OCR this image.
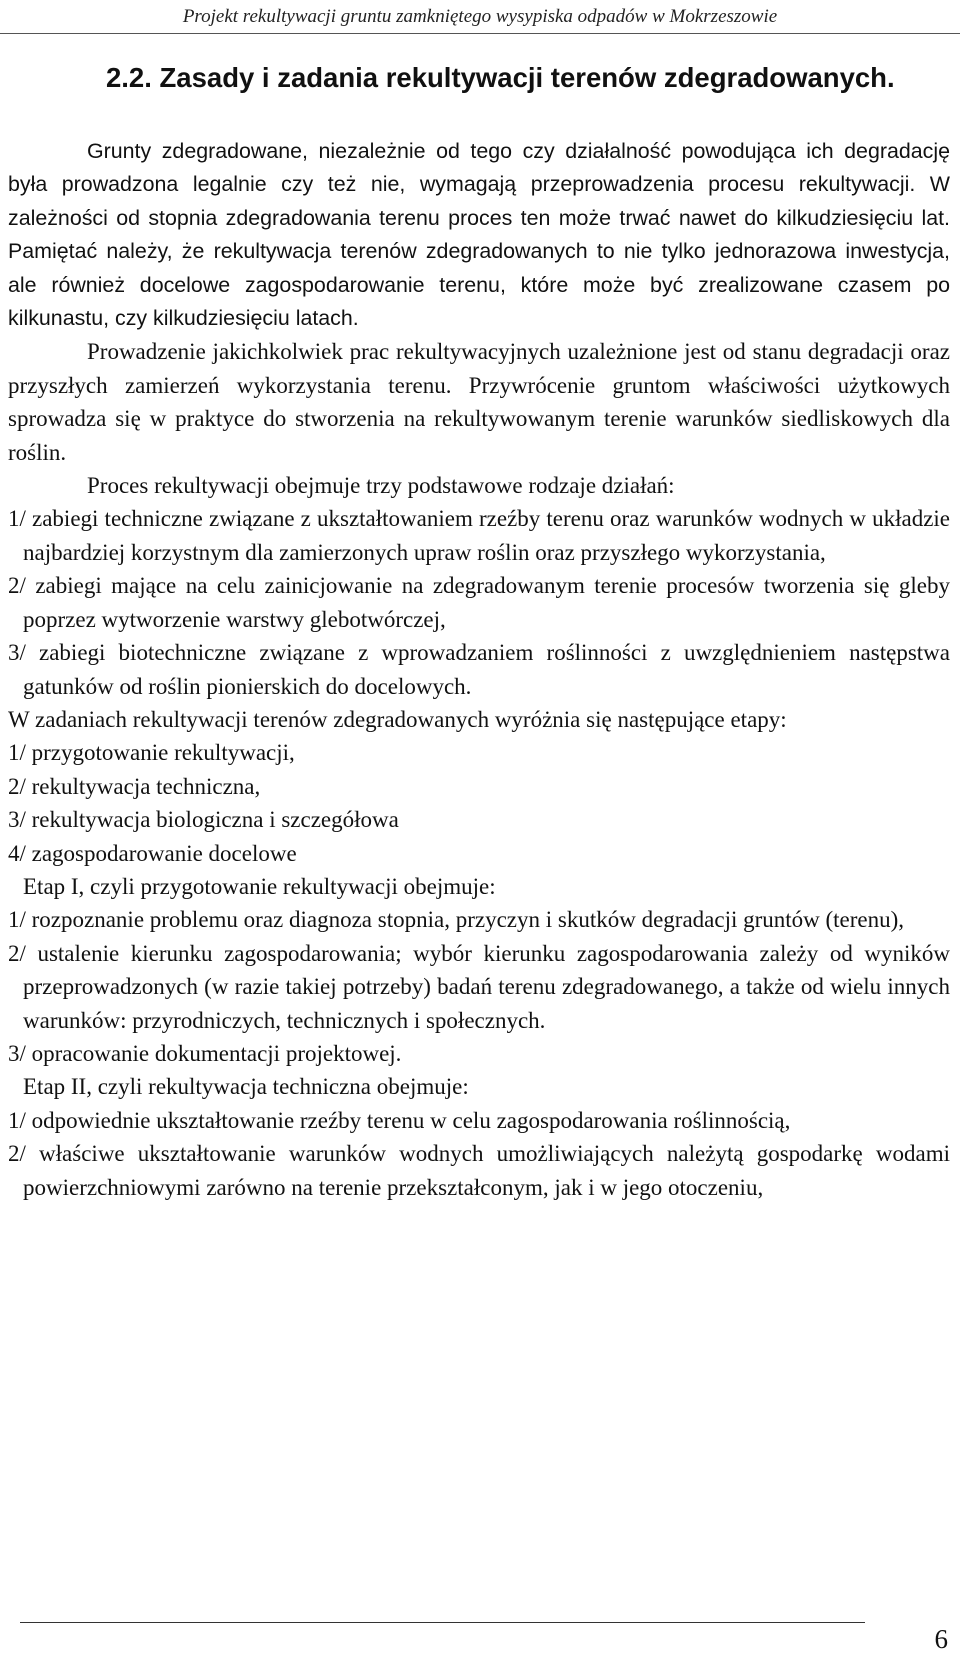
Projekt rekultywacji gruntu zamkniętego wysypiska odpadów w Mokrzeszowie
2.2. Zasady i zadania rekultywacji terenów zdegradowanych.

Grunty zdegradowane, niezależnie od tego czy działalność powodująca ich degradację była prowadzona legalnie czy też nie, wymagają przeprowadzenia procesu rekultywacji. W zależności od stopnia zdegradowania terenu proces ten może trwać nawet do kilkudziesięciu lat. Pamiętać należy, że rekultywacja terenów zdegradowanych to nie tylko jednorazowa inwestycja, ale również docelowe zagospodarowanie terenu, które może być zrealizowane czasem po kilkunastu, czy kilkudziesięciu latach.

Prowadzenie jakichkolwiek prac rekultywacyjnych uzależnione jest od stanu degradacji oraz przyszłych zamierzeń wykorzystania terenu. Przywrócenie gruntom właściwości użytkowych sprowadza się w praktyce do stworzenia na rekultywowanym terenie warunków siedliskowych dla roślin.

Proces rekultywacji obejmuje trzy podstawowe rodzaje działań:

1/ zabiegi techniczne związane z ukształtowaniem rzeźby terenu oraz warunków wodnych w układzie najbardziej korzystnym dla zamierzonych upraw roślin oraz przyszłego wykorzystania,

2/ zabiegi mające na celu zainicjowanie na zdegradowanym terenie procesów tworzenia się gleby poprzez wytworzenie warstwy glebotwórczej,

3/ zabiegi biotechniczne związane z wprowadzaniem roślinności z uwzględnieniem następstwa gatunków od roślin pionierskich do docelowych.

W zadaniach rekultywacji terenów zdegradowanych wyróżnia się następujące etapy:

1/ przygotowanie rekultywacji,

2/ rekultywacja techniczna,

3/ rekultywacja biologiczna i szczegółowa

4/ zagospodarowanie docelowe

Etap I, czyli przygotowanie rekultywacji obejmuje:

1/ rozpoznanie problemu oraz diagnoza stopnia, przyczyn i skutków degradacji gruntów (terenu),

2/ ustalenie kierunku zagospodarowania; wybór kierunku zagospodarowania zależy od wyników przeprowadzonych (w razie takiej potrzeby) badań terenu zdegradowanego, a także od wielu innych warunków: przyrodniczych, technicznych i społecznych.

3/ opracowanie dokumentacji projektowej.

Etap II, czyli rekultywacja techniczna obejmuje:

1/ odpowiednie ukształtowanie rzeźby terenu w celu zagospodarowania roślinnością,

2/ właściwe ukształtowanie warunków wodnych umożliwiających należytą gospodarkę wodami powierzchniowymi zarówno na terenie przekształconym, jak i w jego otoczeniu,

6
